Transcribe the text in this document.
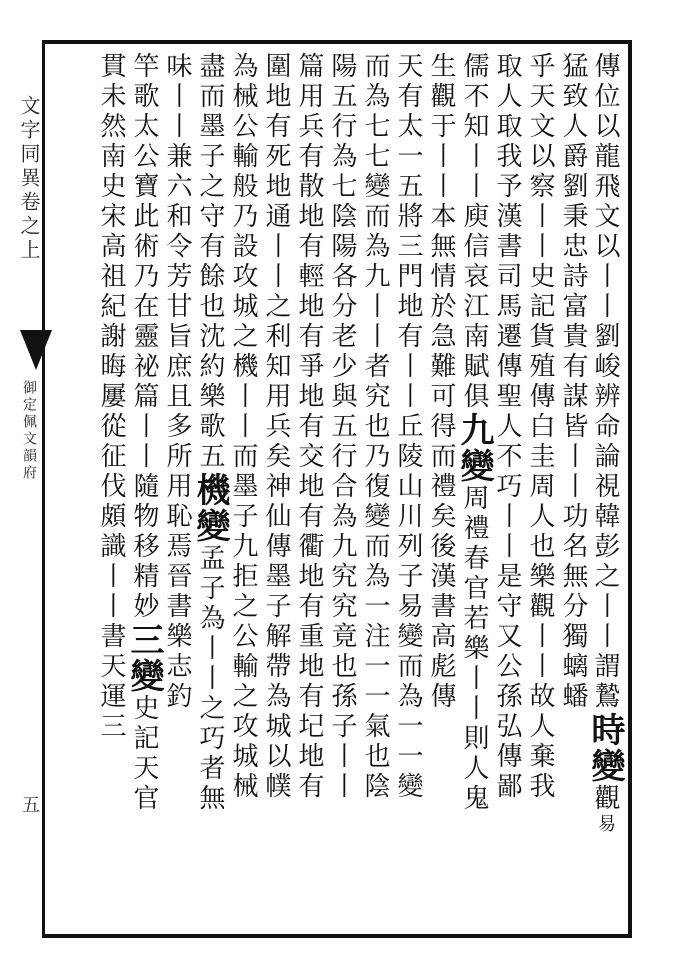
文字同異卷之上
御定佩文韻府
五
傳位以龍飛文以丨丨劉峻辨命論視韓彭之丨丨謂鷙時變觀易
猛致人爵劉秉忠詩富貴有謀皆丨丨功名無分獨螭蟠
乎天文以察丨丨史記貨殖傳白圭周人也樂觀丨丨故人棄我
取人取我予漢書司馬遷傳聖人不巧丨丨是守又公孫弘傳鄙
儒不知丨丨庾信哀江南賦俱九變周禮春官若樂丨丨則人鬼
生觀于丨丨本無情於急難可得而禮矣後漢書高彪傳
天有太一五將三門地有丨丨丘陵山川列子易變而為一一變
而為七七變而為九丨丨者究也乃復變而為一注一一氣也陰
陽五行為七陰陽各分老少與五行合為九究究竟也孫子丨丨
篇用兵有散地有輕地有爭地有交地有衢地有重地有圮地有
圍地有死地通丨丨之利知用兵矣神仙傳墨子解帶為城以幞
為械公輸般乃設攻城之機丨丨而墨子九拒之公輸之攻城械
盡而墨子之守有餘也沈約樂歌五機變孟子為丨丨之巧者無
味丨丨兼六和令芳甘旨庶且多所用恥焉晉書樂志釣
竿歌太公寶此術乃在靈祕篇丨丨隨物移精妙三變史記天官
貫未然南史宋高祖紀謝晦屢從征伐頗識丨丨書天運三
